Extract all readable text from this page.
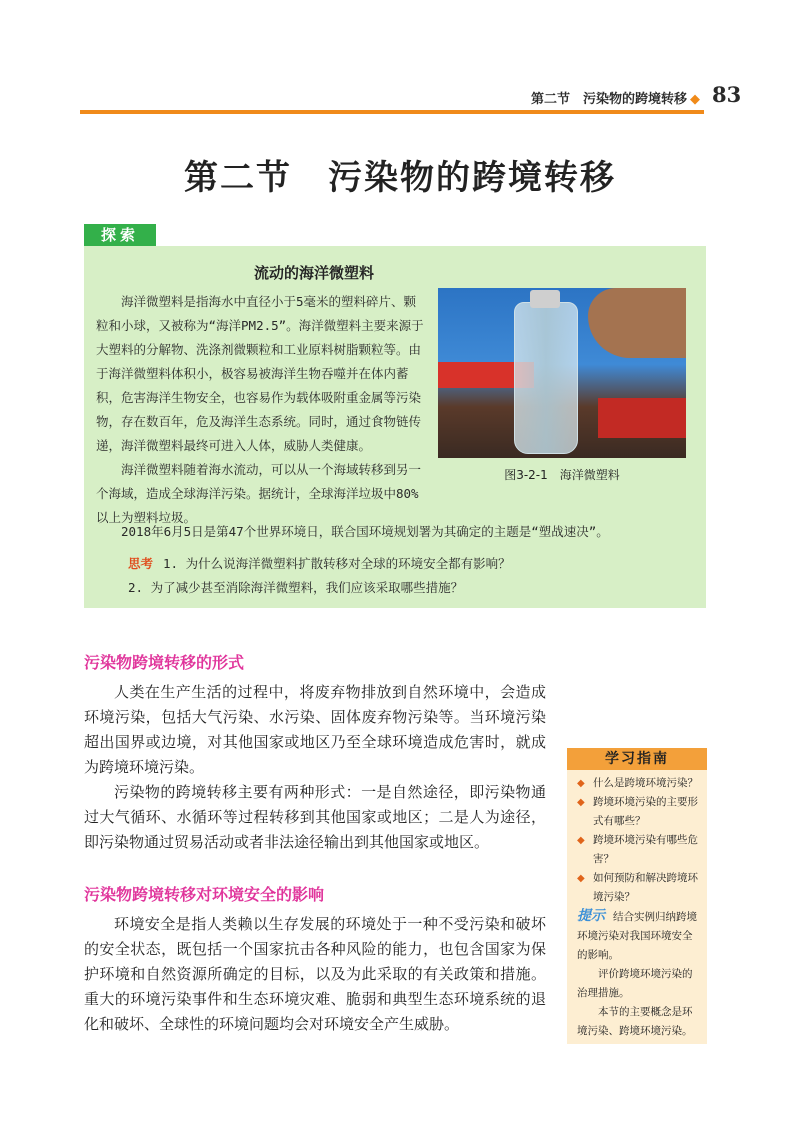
第二节　污染物的跨境转移 ◆ 83
第二节　污染物的跨境转移
探索
流动的海洋微塑料

海洋微塑料是指海水中直径小于5毫米的塑料碎片、颗粒和小球，又被称为“海洋PM2.5”。海洋微塑料主要来源于大塑料的分解物、洗涤剂微颗粒和工业原料树脂颗粒等。由于海洋微塑料体积小，极容易被海洋生物吞噬并在体内蓄积，危害海洋生物安全，也容易作为载体吸附重金属等污染物，存在数百年，危及海洋生态系统。同时，通过食物链传递，海洋微塑料最终可进入人体，威胁人类健康。

海洋微塑料随着海水流动，可以从一个海域转移到另一个海域，造成全球海洋污染。据统计，全球海洋垃圾中80%以上为塑料垃圾。

2018年6月5日是第47个世界环境日，联合国环境规划署为其确定的主题是“塑战速决”。

图3-2-1　海洋微塑料
思考 1. 为什么说海洋微塑料扩散转移对全球的环境安全都有影响？
2. 为了减少甚至消除海洋微塑料，我们应该采取哪些措施？
污染物跨境转移的形式

人类在生产生活的过程中，将废弃物排放到自然环境中，会造成环境污染，包括大气污染、水污染、固体废弃物污染等。当环境污染超出国界或边境，对其他国家或地区乃至全球环境造成危害时，就成为跨境环境污染。

污染物的跨境转移主要有两种形式：一是自然途径，即污染物通过大气循环、水循环等过程转移到其他国家或地区；二是人为途径，即污染物通过贸易活动或者非法途径输出到其他国家或地区。

污染物跨境转移对环境安全的影响

环境安全是指人类赖以生存发展的环境处于一种不受污染和破坏的安全状态，既包括一个国家抗击各种风险的能力，也包含国家为保护环境和自然资源所确定的目标，以及为此采取的有关政策和措施。重大的环境污染事件和生态环境灾难、脆弱和典型生态环境系统的退化和破坏、全球性的环境问题均会对环境安全产生威胁。

学习指南
◆ 什么是跨境环境污染？
◆ 跨境环境污染的主要形式有哪些？
◆ 跨境环境污染有哪些危害？
◆ 如何预防和解决跨境环境污染？
提示 结合实例归纳跨境环境污染对我国环境安全的影响。
评价跨境环境污染的治理措施。
本节的主要概念是环境污染、跨境环境污染。
